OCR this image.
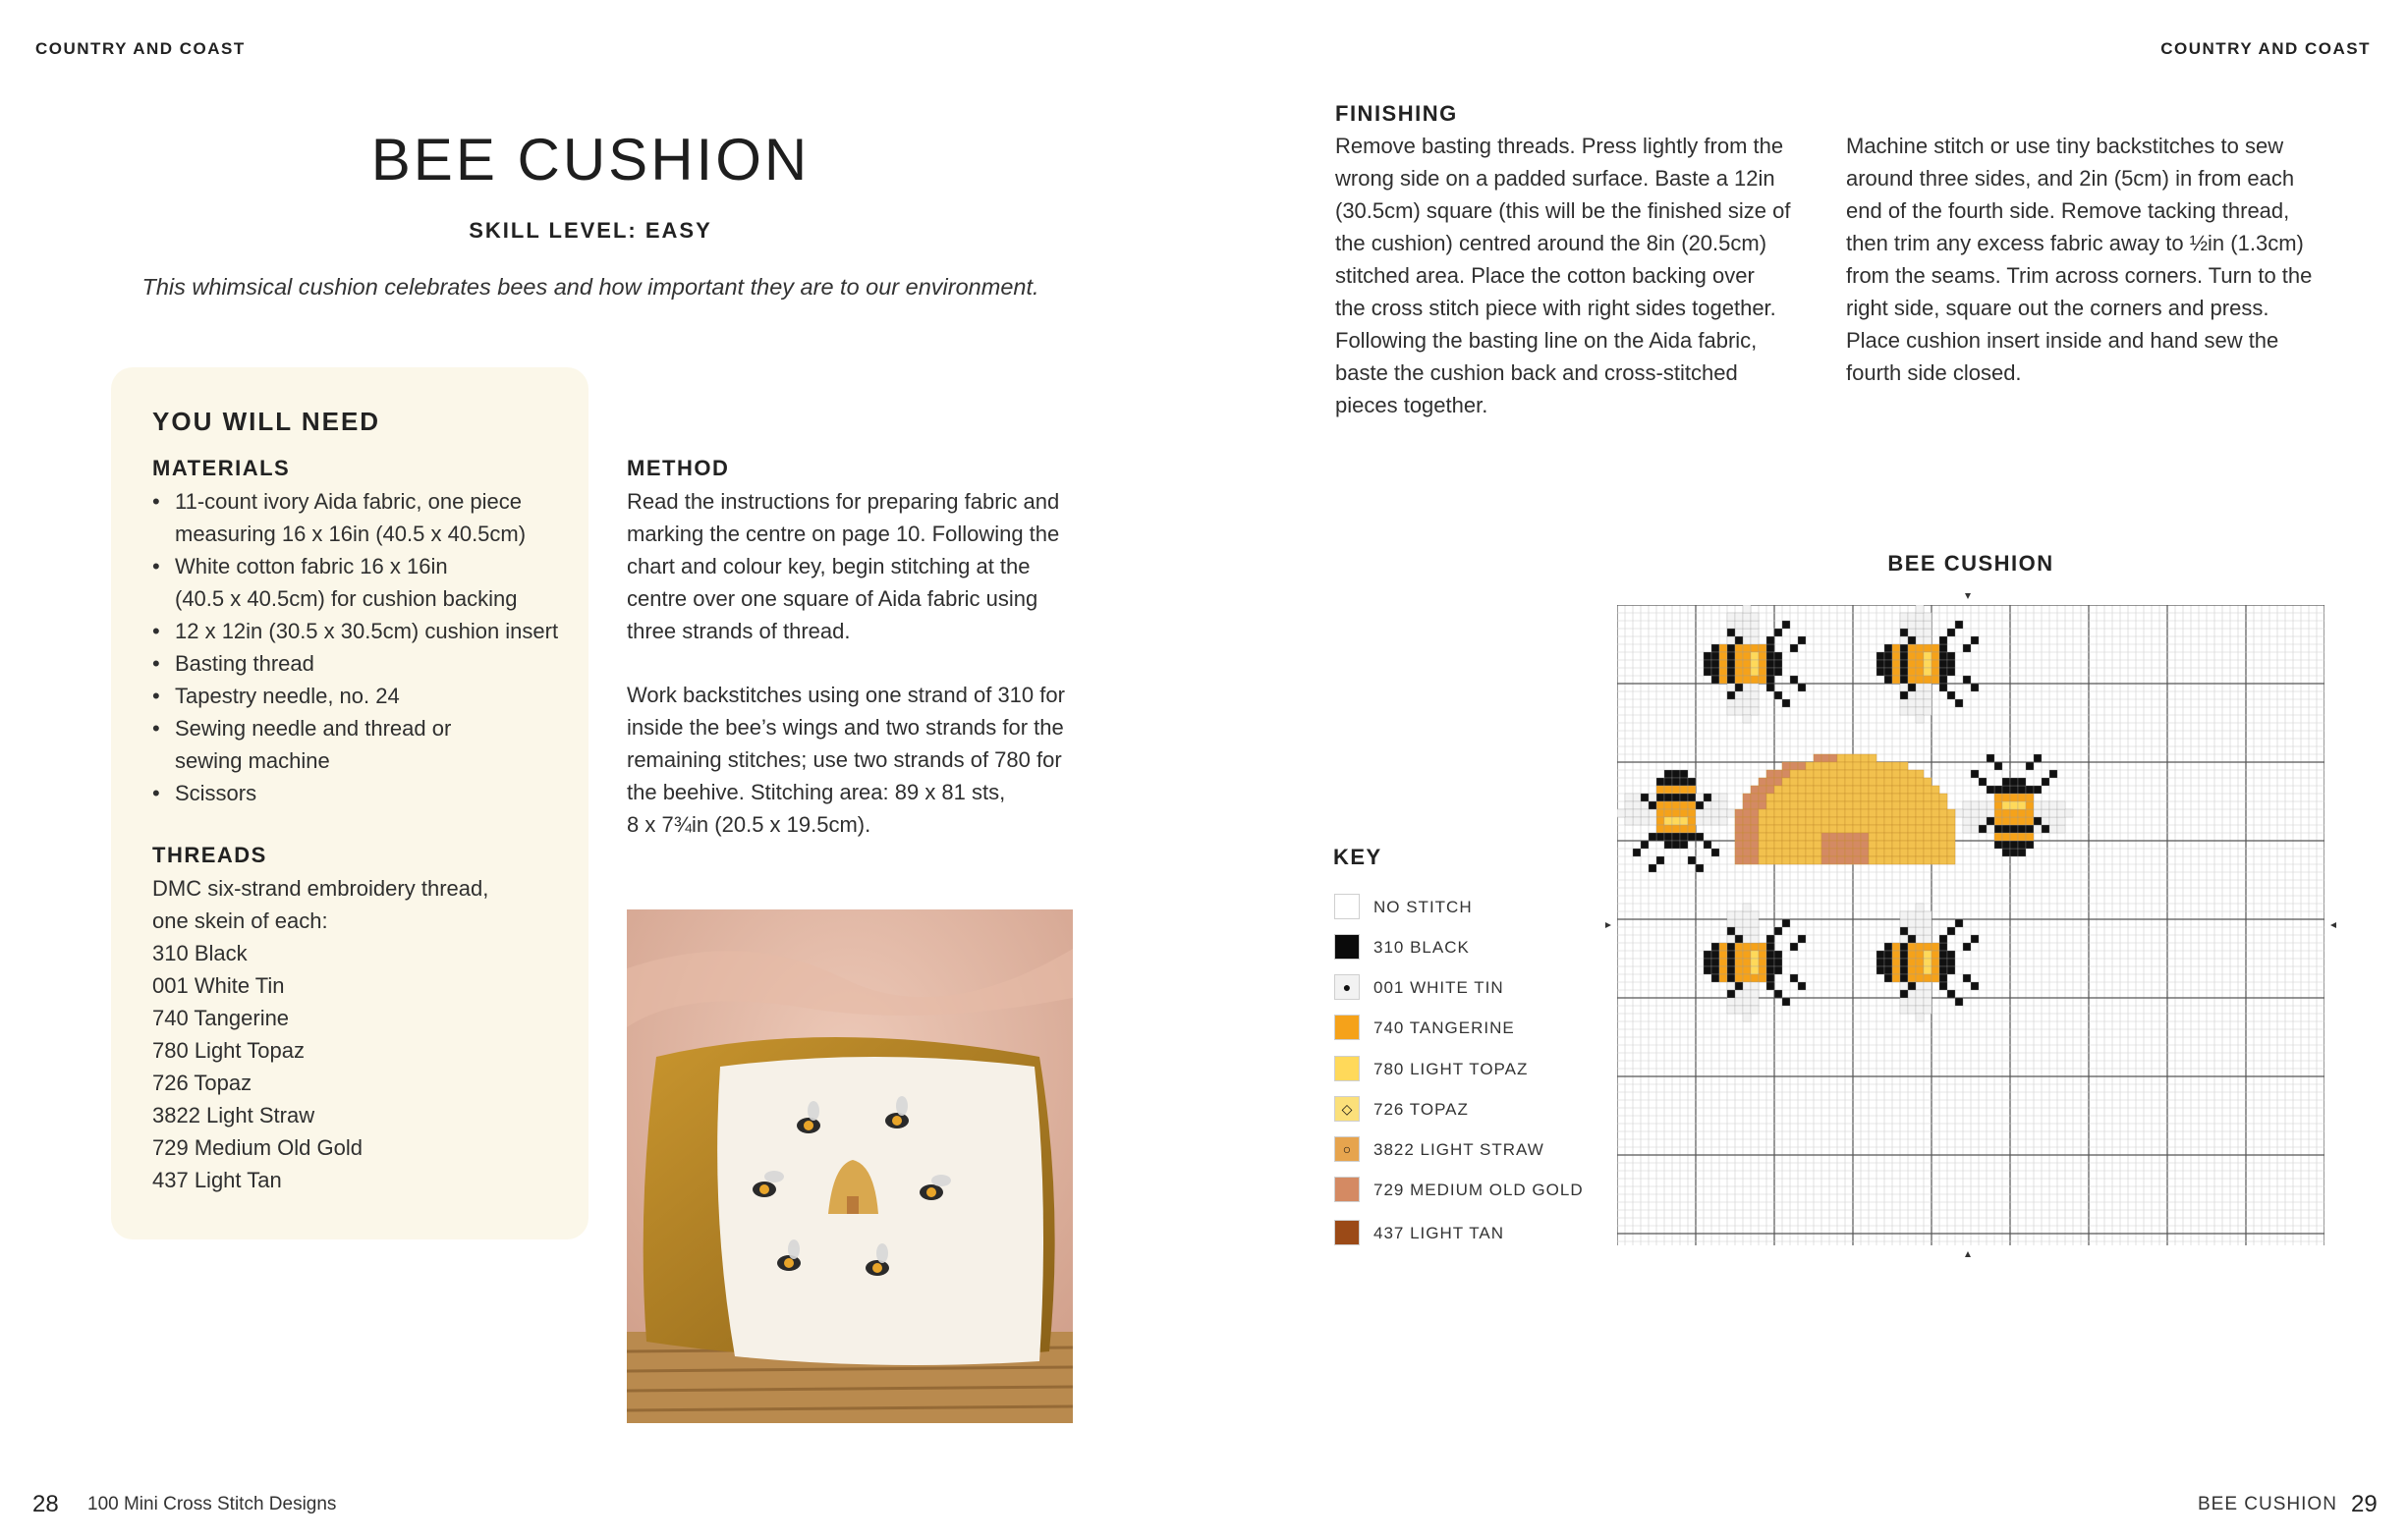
COUNTRY AND COAST	COUNTRY AND COAST
BEE CUSHION
SKILL LEVEL: EASY
This whimsical cushion celebrates bees and how important they are to our environment.
YOU WILL NEED
MATERIALS
• 11-count ivory Aida fabric, one piece
measuring 16 x 16in (40.5 x 40.5cm)
• White cotton fabric 16 x 16in
(40.5 x 40.5cm) for cushion backing
• 12 x 12in (30.5 x 30.5cm) cushion insert
• Basting thread
• Tapestry needle, no. 24
• Sewing needle and thread or
sewing machine
• Scissors
THREADS
DMC six-strand embroidery thread,
one skein of each:
310 Black
001 White Tin
740 Tangerine
780 Light Topaz
726 Topaz
3822 Light Straw
729 Medium Old Gold
437 Light Tan
METHOD
Read the instructions for preparing fabric and
marking the centre on page 10. Following the
chart and colour key, begin stitching at the
centre over one square of Aida fabric using
three strands of thread.
Work backstitches using one strand of 310 for
inside the bee’s wings and two strands for the
remaining stitches; use two strands of 780 for
the beehive. Stitching area: 89 x 81 sts,
8 x 7¾in (20.5 x 19.5cm).
FINISHING
Remove basting threads. Press lightly from the
wrong side on a padded surface. Baste a 12in
(30.5cm) square (this will be the finished size of
the cushion) centred around the 8in (20.5cm)
stitched area. Place the cotton backing over
the cross stitch piece with right sides together.
Following the basting line on the Aida fabric,
baste the cushion back and cross-stitched
pieces together.
Machine stitch or use tiny backstitches to sew
around three sides, and 2in (5cm) in from each
end of the fourth side. Remove tacking thread,
then trim any excess fabric away to ½in (1.3cm)
from the seams. Trim across corners. Turn to the
right side, square out the corners and press.
Place cushion insert inside and hand sew the
fourth side closed.
KEY
NO STITCH
310 BLACK
●	001 WHITE TIN
740 TANGERINE
780 LIGHT TOPAZ
◇	726 TOPAZ
○	3822 LIGHT STRAW
729 MEDIUM OLD GOLD
437 LIGHT TAN
BEE CUSHION
28 100 Mini Cross Stitch Designs	BEE CUSHION 29
